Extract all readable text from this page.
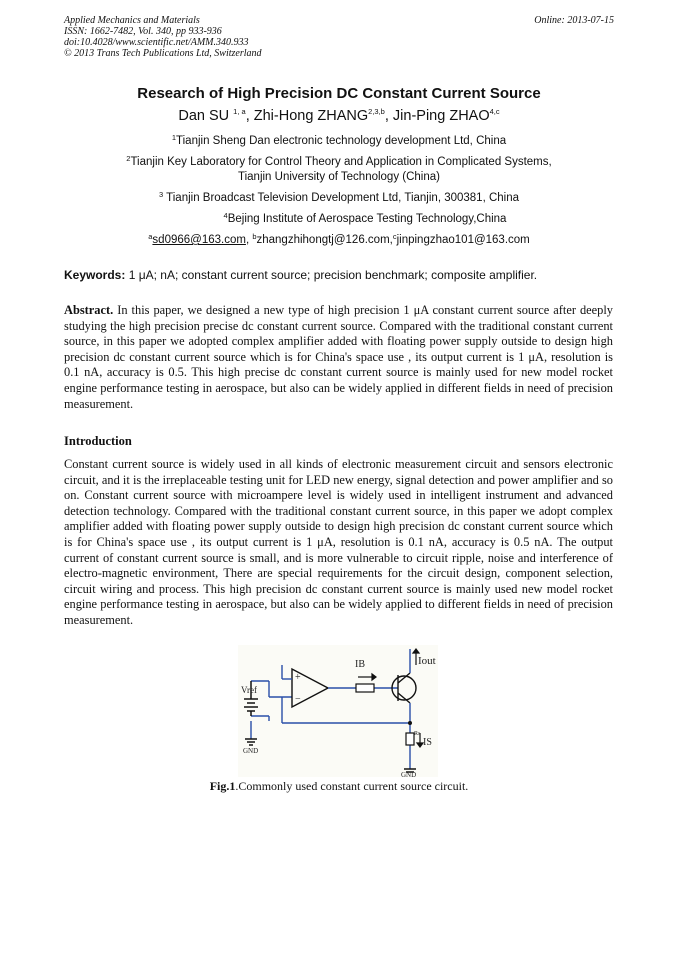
Applied Mechanics and Materials
ISSN: 1662-7482, Vol. 340, pp 933-936
doi:10.4028/www.scientific.net/AMM.340.933
© 2013 Trans Tech Publications Ltd, Switzerland
Online: 2013-07-15
Research of High Precision DC Constant Current Source
Dan SU $^{1, a}$, Zhi-Hong ZHANG$^{2,3,b}$, Jin-Ping ZHAO$^{4,c}$
$^1$Tianjin Sheng Dan electronic technology development Ltd, China
$^2$Tianjin Key Laboratory for Control Theory and Application in Complicated Systems,
Tianjin University of Technology (China)
$^3$ Tianjin Broadcast Television Development Ltd, Tianjin, 300381, China
$^4$Bejing Institute of Aerospace Testing Technology,China
$^a$sd0966@163.com, $^b$zhangzhihongtj@126.com,$^c$jinpingzhao101@163.com
Keywords: 1 μA; nA; constant current source; precision benchmark; composite amplifier.
Abstract. In this paper, we designed a new type of high precision 1 μA constant current source after deeply studying the high precision precise dc constant current source. Compared with the traditional constant current source, in this paper we adopted complex amplifier added with floating power supply outside to design high precision dc constant current source which is for China's space use , its output current is 1 μA, resolution is 0.1 nA, accuracy is 0.5. This high precise dc constant current source is mainly used for new model rocket engine performance testing in aerospace, but also can be widely applied in different fields in need of precision measurement.
Introduction
Constant current source is widely used in all kinds of electronic measurement circuit and sensors electronic circuit, and it is the irreplaceable testing unit for LED new energy, signal detection and power amplifier and so on. Constant current source with microampere level is widely used in intelligent instrument and advanced detection technology. Compared with the traditional constant current source, in this paper we adopt complex amplifier added with floating power supply outside to design high precision dc constant current source which is for China's space use , its output current is 1 μA, resolution is 0.1 nA, accuracy is 0.5 nA. The output current of constant current source is small, and is more vulnerable to circuit ripple, noise and interference of electro-magnetic environment, There are special requirements for the circuit design, component selection, circuit wiring and process. This high precision dc constant current source is mainly used new model rocket engine performance testing in aerospace, but also can be widely applied to different fields in need of precision measurement.
Vref
+
−
IB	Iout
Rs
IS
GND
GND
Fig.1.Commonly used constant current source circuit.
